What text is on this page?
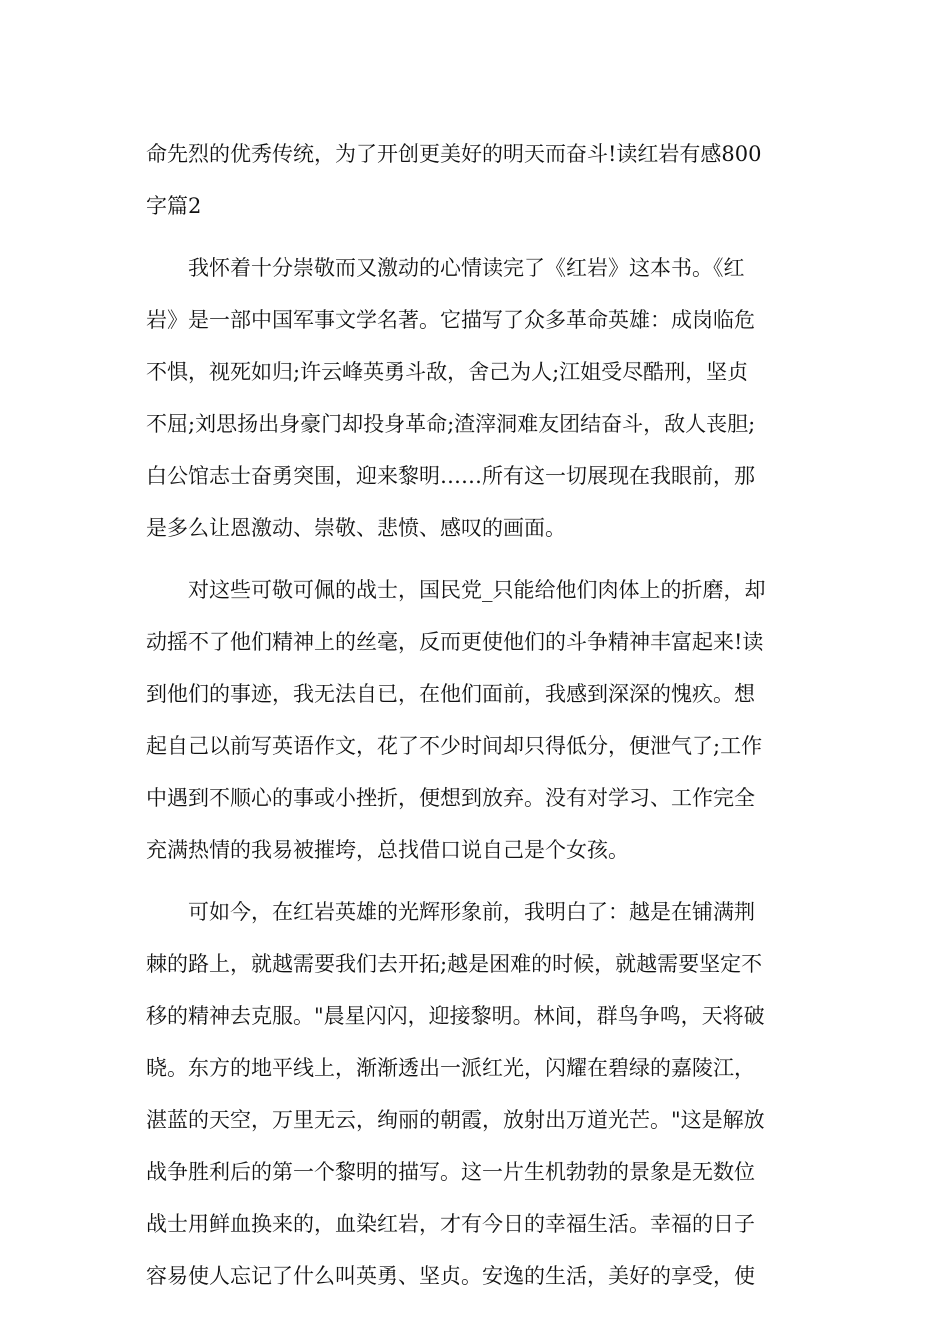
命先烈的优秀传统，为了开创更美好的明天而奋斗!读红岩有感800
字篇2
　　我怀着十分崇敬而又激动的心情读完了《红岩》这本书。《红
岩》是一部中国军事文学名著。它描写了众多革命英雄：成岗临危
不惧，视死如归;许云峰英勇斗敌，舍己为人;江姐受尽酷刑，坚贞
不屈;刘思扬出身豪门却投身革命;渣滓洞难友团结奋斗，敌人丧胆;
白公馆志士奋勇突围，迎来黎明……所有这一切展现在我眼前，那
是多么让恩激动、崇敬、悲愤、感叹的画面。
　　对这些可敬可佩的战士，国民党_只能给他们肉体上的折磨，却
动摇不了他们精神上的丝毫，反而更使他们的斗争精神丰富起来!读
到他们的事迹，我无法自已，在他们面前，我感到深深的愧疚。想
起自己以前写英语作文，花了不少时间却只得低分，便泄气了;工作
中遇到不顺心的事或小挫折，便想到放弃。没有对学习、工作完全
充满热情的我易被摧垮，总找借口说自己是个女孩。
　　可如今，在红岩英雄的光辉形象前，我明白了：越是在铺满荆
棘的路上，就越需要我们去开拓;越是困难的时候，就越需要坚定不
移的精神去克服。"晨星闪闪，迎接黎明。林间，群鸟争鸣，天将破
晓。东方的地平线上，渐渐透出一派红光，闪耀在碧绿的嘉陵江，
湛蓝的天空，万里无云，绚丽的朝霞，放射出万道光芒。"这是解放
战争胜利后的第一个黎明的描写。这一片生机勃勃的景象是无数位
战士用鲜血换来的，血染红岩，才有今日的幸福生活。幸福的日子
容易使人忘记了什么叫英勇、坚贞。安逸的生活，美好的享受，使
